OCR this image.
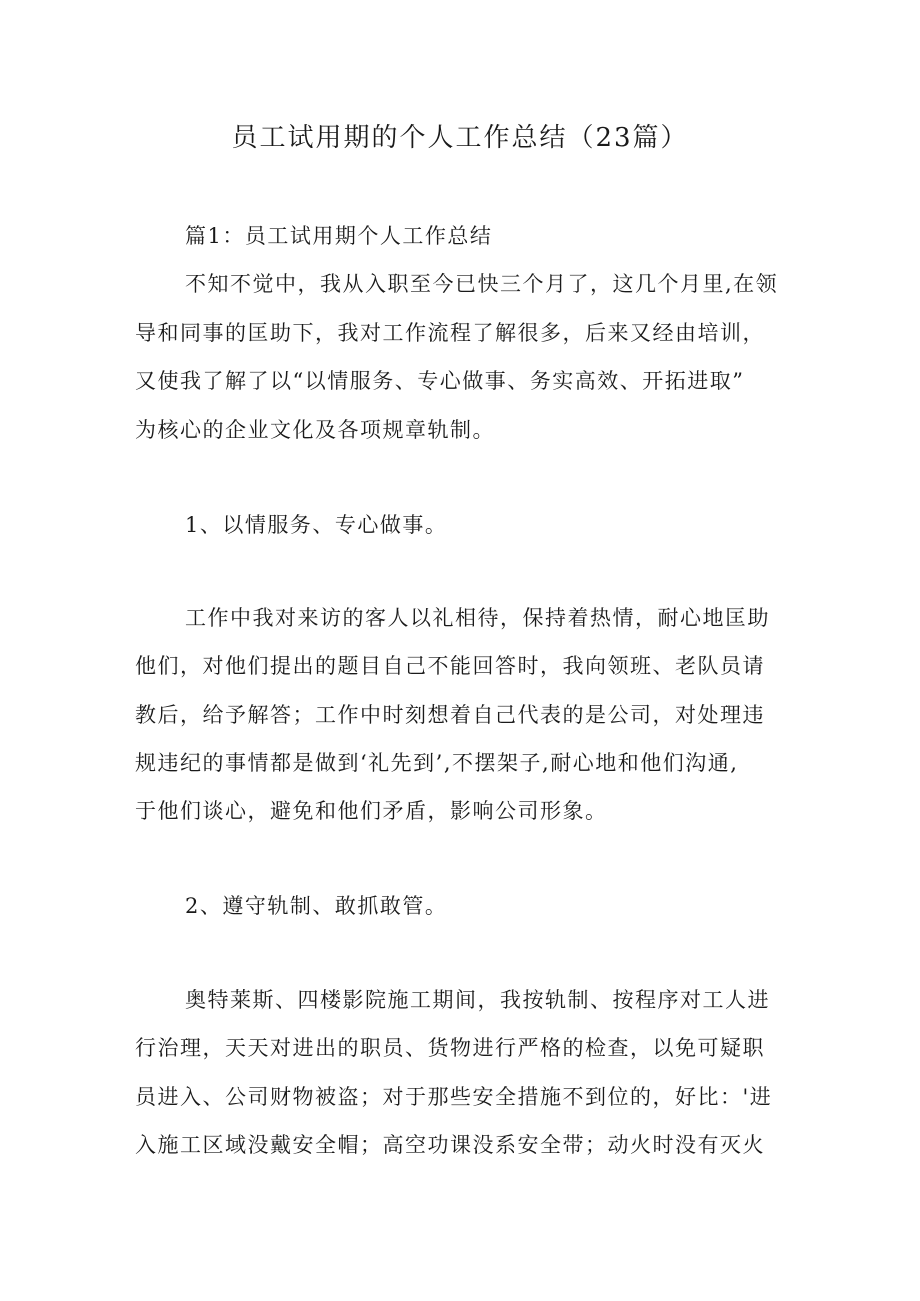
员工试用期的个人工作总结（23篇）

篇1：员工试用期个人工作总结

不知不觉中，我从入职至今已快三个月了，这几个月里,在领

导和同事的匡助下，我对工作流程了解很多，后来又经由培训，

又使我了解了以“以情服务、专心做事、务实高效、开拓进取”

为核心的企业文化及各项规章轨制。

1、以情服务、专心做事。

工作中我对来访的客人以礼相待，保持着热情，耐心地匡助

他们，对他们提出的题目自己不能回答时，我向领班、老队员请

教后，给予解答；工作中时刻想着自己代表的是公司，对处理违

规违纪的事情都是做到‘礼先到’,不摆架子,耐心地和他们沟通,

于他们谈心，避免和他们矛盾，影响公司形象。

2、遵守轨制、敢抓敢管。

奥特莱斯、四楼影院施工期间，我按轨制、按程序对工人进

行治理，天天对进出的职员、货物进行严格的检查，以免可疑职

员进入、公司财物被盗；对于那些安全措施不到位的，好比：'进

入施工区域没戴安全帽；高空功课没系安全带；动火时没有灭火
